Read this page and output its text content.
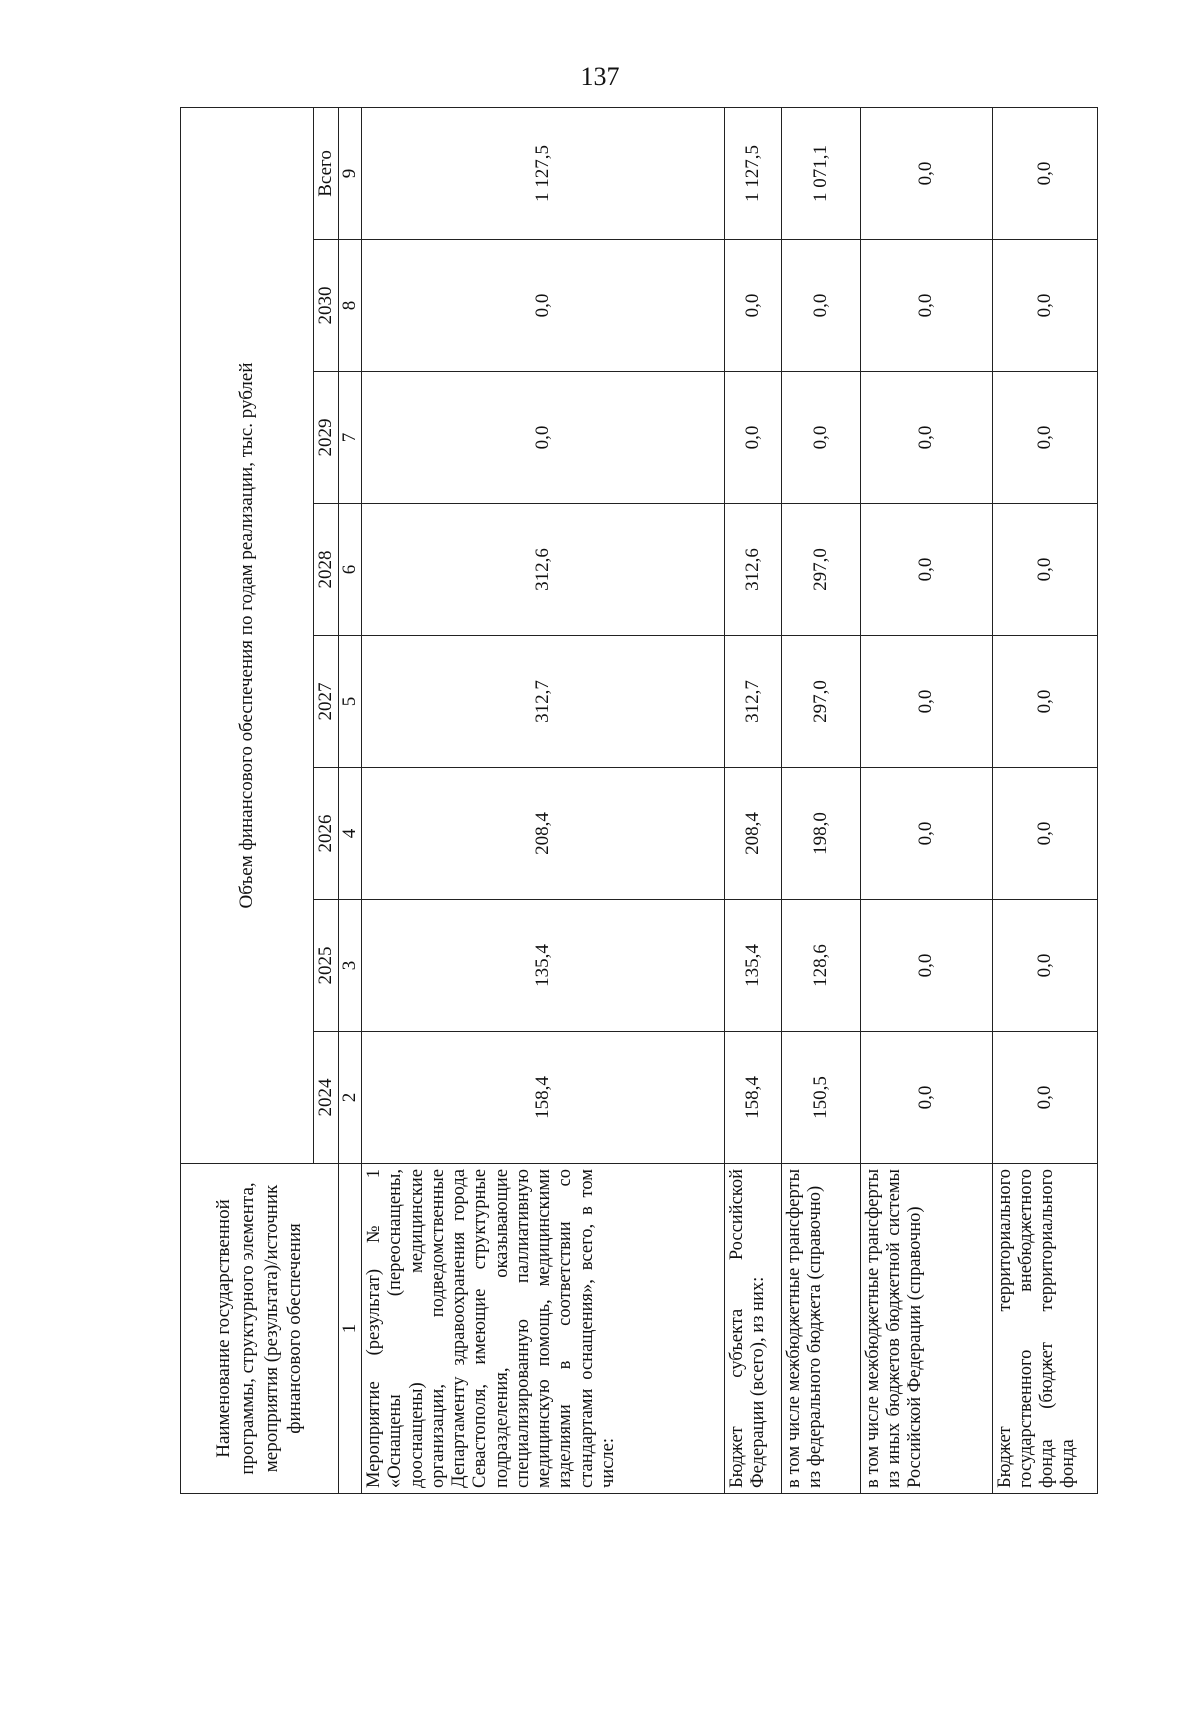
137
Наименование государственной программы, структурного элемента, мероприятия (результата)/источник финансового обеспечения	Объем финансового обеспечения по годам реализации, тыс. рублей							
	2024	2025	2026	2027	2028	2029	2030	Всего
1	2	3	4	5	6	7	8	9
Мероприятие (результат) № 1 «Оснащены (переоснащены, дооснащены) медицинские организации, подведомственные Департаменту здравоохранения города Севастополя, имеющие структурные подразделения, оказывающие специализированную паллиативную медицинскую помощь, медицинскими изделиями в соответствии со стандартами оснащения», всего, в том числе:	158,4	135,4	208,4	312,7	312,6	0,0	0,0	1 127,5
Бюджет субъекта Российской Федерации (всего), из них:	158,4	135,4	208,4	312,7	312,6	0,0	0,0	1 127,5
в том числе межбюджетные трансферты из федерального бюджета (справочно)	150,5	128,6	198,0	297,0	297,0	0,0	0,0	1 071,1
в том числе межбюджетные трансферты из иных бюджетов бюджетной системы Российской Федерации (справочно)	0,0	0,0	0,0	0,0	0,0	0,0	0,0	0,0
Бюджет территориального государственного внебюджетного фонда (бюджет территориального фонда	0,0	0,0	0,0	0,0	0,0	0,0	0,0	0,0
